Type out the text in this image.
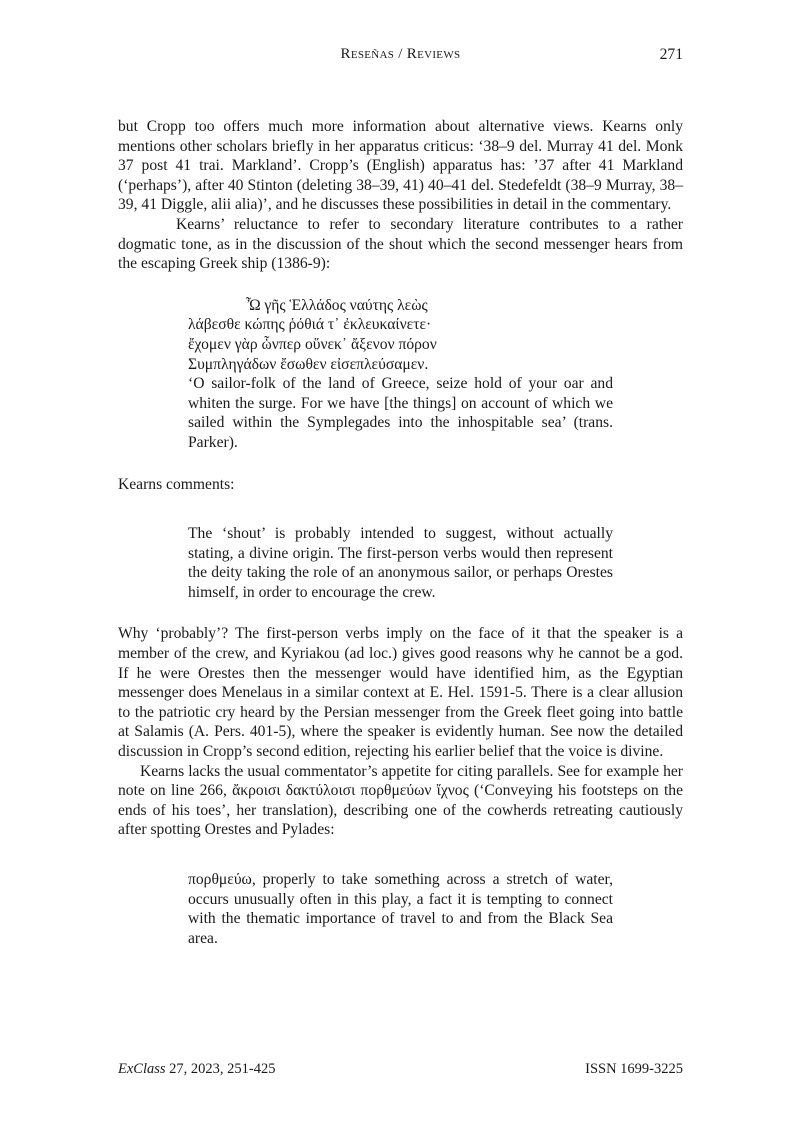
Reseñas / Reviews	271

but Cropp too offers much more information about alternative views. Kearns only mentions other scholars briefly in her apparatus criticus: ‘38–9 del. Murray 41 del. Monk 37 post 41 trai. Markland’. Cropp’s (English) apparatus has: ’37 after 41 Markland (‘perhaps’), after 40 Stinton (deleting 38–39, 41) 40–41 del. Stedefeldt (38–9 Murray, 38–39, 41 Diggle, alii alia)’, and he discusses these possibilities in detail in the commentary.

Kearns’ reluctance to refer to secondary literature contributes to a rather dogmatic tone, as in the discussion of the shout which the second messenger hears from the escaping Greek ship (1386-9):

Ὦ γῆς Ἑλλάδος ναύτης λεὼς
λάβεσθε κώπης ῥόθιά τ᾽ ἐκλευκαίνετε·
ἔχομεν γὰρ ὧνπερ οὕνεκ᾽ ἄξενον πόρον
Συμπληγάδων ἔσωθεν εἰσεπλεύσαμεν.

‘O sailor-folk of the land of Greece, seize hold of your oar and whiten the surge. For we have [the things] on account of which we sailed within the Symplegades into the inhospitable sea’ (trans. Parker).

Kearns comments:

The ‘shout’ is probably intended to suggest, without actually stating, a divine origin. The first-person verbs would then represent the deity taking the role of an anonymous sailor, or perhaps Orestes himself, in order to encourage the crew.

Why ‘probably’? The first-person verbs imply on the face of it that the speaker is a member of the crew, and Kyriakou (ad loc.) gives good reasons why he cannot be a god. If he were Orestes then the messenger would have identified him, as the Egyptian messenger does Menelaus in a similar context at E. Hel. 1591-5. There is a clear allusion to the patriotic cry heard by the Persian messenger from the Greek fleet going into battle at Salamis (A. Pers. 401-5), where the speaker is evidently human. See now the detailed discussion in Cropp’s second edition, rejecting his earlier belief that the voice is divine.

Kearns lacks the usual commentator’s appetite for citing parallels. See for example her note on line 266, ἄκροισι δακτύλοισι πορθμεύων ἴχνος (‘Conveying his footsteps on the ends of his toes’, her translation), describing one of the cowherds retreating cautiously after spotting Orestes and Pylades:

πορθμεύω, properly to take something across a stretch of water, occurs unusually often in this play, a fact it is tempting to connect with the thematic importance of travel to and from the Black Sea area.

ExClass 27, 2023, 251-425	ISSN 1699-3225
